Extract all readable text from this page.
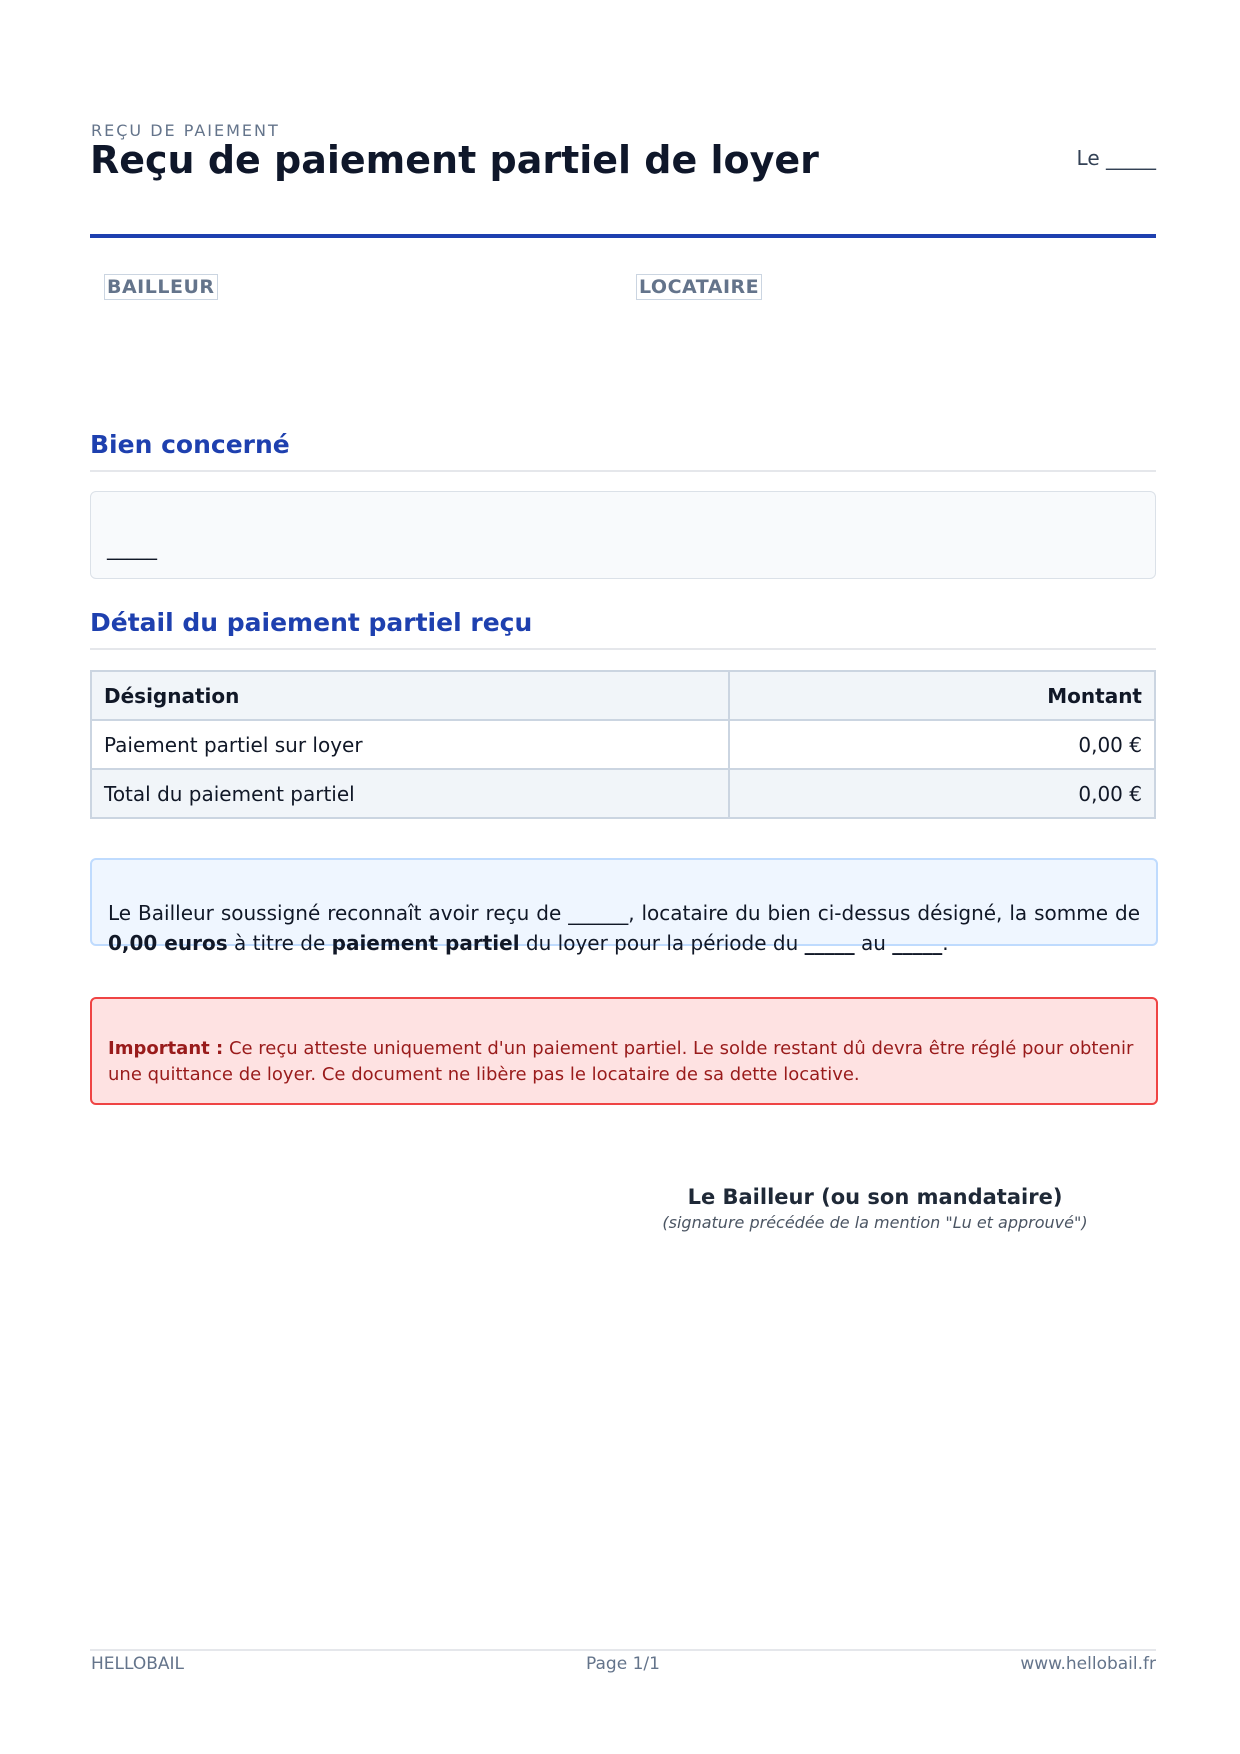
REÇU DE PAIEMENT
Reçu de paiement partiel de loyer	Le _____
BAILLEUR	LOCATAIRE
Bien concerné
_____
Détail du paiement partiel reçu
Désignation	Montant
Paiement partiel sur loyer	0,00 €
Total du paiement partiel	0,00 €
Le Bailleur soussigné reconnaît avoir reçu de ______, locataire du bien ci-dessus désigné, la somme de 0,00 euros à titre de paiement partiel du loyer pour la période du _____ au _____.
Important : Ce reçu atteste uniquement d'un paiement partiel. Le solde restant dû devra être réglé pour obtenir une quittance de loyer. Ce document ne libère pas le locataire de sa dette locative.
Le Bailleur (ou son mandataire)
(signature précédée de la mention "Lu et approuvé")
HELLOBAIL	Page 1/1	www.hellobail.fr
